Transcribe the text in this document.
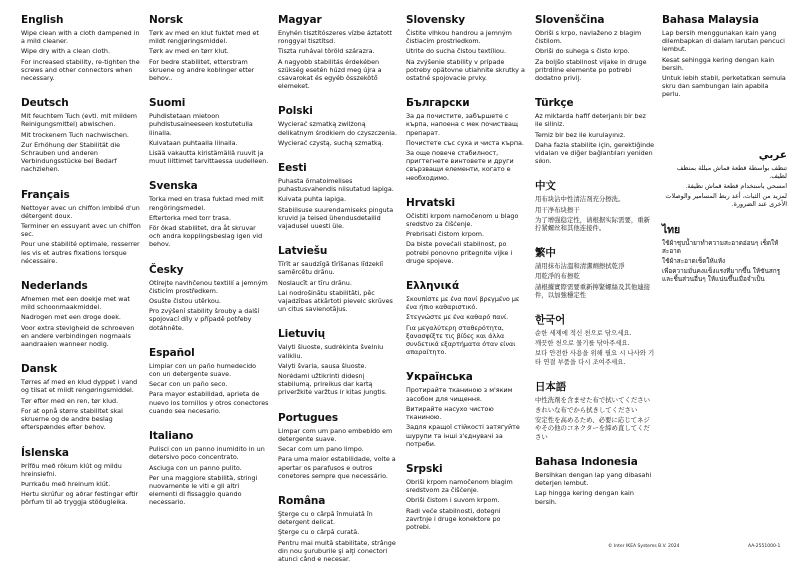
English

Wipe clean with a cloth dampened in a mild cleaner.

Wipe dry with a clean cloth.

For increased stability, re-tighten the screws and other connectors when necessary.

Deutsch

Mit feuchtem Tuch (evtl. mit mildem Reinigungsmittel) abwischen.

Mit trockenem Tuch nachwischen.

Zur Erhöhung der Stabilität die Schrauben und anderen Verbindungsstücke bei Bedarf nachziehen.

Français

Nettoyer avec un chiffon imbibé d'un détergent doux.

Terminer en essuyant avec un chiffon sec.

Pour une stabilité optimale, resserrer les vis et autres fixations lorsque nécessaire.

Nederlands

Afnemen met een doekje met wat mild schoonmaakmiddel.

Nadrogen met een droge doek.

Voor extra stevigheid de schroeven en andere verbindingen nogmaals aandraaien wanneer nodig.

Dansk

Tørres af med en klud dyppet i vand og tilsat et mildt rengøringsmiddel.

Tør efter med en ren, tør klud.

For at opnå større stabilitet skal skruerne og de andre beslag efterspændes efter behov.

Íslenska

Þrífðu með rökum klút og mildu hreinsiefni.

Þurrkaðu með hreinum klút.

Hertu skrúfur og aðrar festingar eftir þörfum til að tryggja stöðugleika.

Norsk

Tørk av med en klut fuktet med et mildt rengjøringsmiddel.

Tørk av med en tørr klut.

For bedre stabilitet, etterstram skruene og andre koblinger etter behov..

Suomi

Puhdistetaan mietoon puhdistusaineeseen kostutetulla liinalla.

Kuivataan puhtaalla liinalla.

Lisää vakautta kiristämällä ruuvit ja muut liittimet tarvittaessa uudelleen.

Svenska

Torka med en trasa fuktad med milt rengöringsmedel.

Eftertorka med torr trasa.

För ökad stabilitet, dra åt skruvar och andra kopplingsbeslag igen vid behov.

Česky

Otírejte navlhčenou textilií a jemným čisticím prostředkem.

Osušte čistou utěrkou.

Pro zvýšení stability šrouby a další spojovací díly v případě potřeby dotáhněte.

Español

Limpiar con un paño humedecido con un detergente suave.

Secar con un paño seco.

Para mayor estabilidad, aprieta de nuevo los tornillos y otros conectores cuando sea necesario.

Italiano

Pulisci con un panno inumidito in un detersivo poco concentrato.

Asciuga con un panno pulito.

Per una maggiore stabilità, stringi nuovamente le viti e gli altri elementi di fissaggio quando necessario.

Magyar

Enyhén tisztítószeres vízbe áztatott ronggyal tisztítsd.

Tiszta ruhával töröld szárazra.

A nagyobb stabilitás érdekében szükség esetén húzd meg újra a csavarokat és egyéb összekötő elemeket.

Polski

Wycierać szmatką zwilżoną delikatnym środkiem do czyszczenia.

Wycierać czystą, suchą szmatką.

Eesti

Puhasta õrnatoimelises puhastusvahendis niisutatud lapiga.

Kuivata puhta lapiga.

Stabiilsuse suurendamiseks pinguta kruvid ja teised ühendusdetailid vajadusel uuesti üle.

Latviešu

Tīrīt ar saudzīgā tīrīšanas līdzeklī samērcētu drānu.

Noslaucīt ar tīru drānu.

Lai nodrošinātu stabilitāti, pēc vajadzības atkārtoti pievelc skrūves un citus savienotājus.

Lietuvių

Valyti šluoste, sudrėkinta švelniu valikliu.

Valyti švaria, sausa šluoste.

Norėdami užtikrinti didesnį stabilumą, prireikus dar kartą priveržkite varžtus ir kitas jungtis.

Portugues

Limpar com um pano embebido em detergente suave.

Secar com um pano limpo.

Para uma maior estabilidade, volte a apertar os parafusos e outros conetores sempre que necessário.

Româna

Şterge cu o cârpă înmuiată în detergent delicat.

Şterge cu o cârpă curată.

Pentru mai multă stabilitate, strânge din nou şuruburile şi alţi conectori atunci când e necesar.

Slovensky

Čistite vlhkou handrou a jemným čistiacim prostriedkom.

Utrite do sucha čistou textíliou.

Na zvýšenie stability v prípade potreby opätovne utiahnite skrutky a ostatné spojovacie prvky.

Български

За да почистите, забършете с кърпа, напоена с мек почистващ препарат.

Почистете със суха и чиста кърпа.

За още повече стабилност, пригтегнете винтовете и други свързващи елементи, когато е необходимо.

Hrvatski

Očistiti krpom namočenom u blago sredstvo za čišćenje.

Prebrisati čistom krpom.

Da biste povećali stabilnost, po potrebi ponovno pritegnite vijke i druge spojeve.

Ελληνικά

Σκουπίστε με ένα πανί βρεγμένο με ένα ήπιο καθαριστικό.

Στεγνώστε με ένα καθαρό πανί.

Για μεγαλύτερη σταθερότητα, ξανασφίξτε τις βίδες και άλλα συνδετικά εξαρτήματα όταν είναι απαραίτητο.

Українська

Протирайте тканиною з м'яким засобом для чищення.

Витирайте насухо чистою тканиною.

Задля кращої стійкості затягуйте шурупи та інші з'єднувачі за потреби.

Srpski

Obriši krpom namočenom blagim sredstvom za čišćenje.

Obriši čistom i suvom krpom.

Radi veće stabilnosti, dotegni zavrtnje i druge konektore po potrebi.

Slovenščina

Obriši s krpo, navlaženo z blagim čistilom.

Obriši do suhega s čisto krpo.

Za boljšo stabilnost vijake in druge pritrdilne elemente po potrebi dodatno privij.

Türkçe

Az miktarda hafif deterjanlı bir bez ile siliniz.

Temiz bir bez ile kurulayınız.

Daha fazla stabilite için, gerektiğinde vidaları ve diğer bağlantıları yeniden sıkın.

中文

用布块沾中性清洁剂充分擦洗。

用干净布块擦干

为了增强稳定性，请根据实际需要，重新拧紧螺丝和其他连接件。

繁中

請用抹布沾溫和清潔劑擦拭乾淨

用乾淨的布擦乾

請根據實際需要重新擰緊螺絲及其他連接件，以加強穩定性

한국어

순한 세제에 적신 천으로 닦으세요.

깨끗한 천으로 물기를 닦아주세요.

보다 안전한 사용을 위해 필요 시 나사와 기타 연결 부품을 다시 조여주세요.

日本語

中性洗剤を含ませた布で拭いてください

きれいな布でから拭きしてください

安定性を高めるため、必要に応じてネジやその他のコネクターを締め直してください

Bahasa Indonesia

Bersihkan dengan lap yang dibasahi deterjen lembut.

Lap hingga kering dengan kain bersih.

Bahasa Malaysia

Lap bersih menggunakan kain yang dilembapkan di dalam larutan pencuci lembut.

Kesat sehingga kering dengan kain bersih.

Untuk lebih stabil, perketatkan semula skru dan sambungan lain apabila perlu.

عربي

تنظف بواسطة قطعة قماش مبللة بمنظف لطيف.

امسحي باستخدام قطعة قماش نظيفة.

لمزيد من الثبات، أعد ربط المسامير والوصلات الأخرى عند الضرورة.

ไทย

ใช้ผ้าชุบน้ำยาทำความสะอาดอ่อนๆ เช็ดให้สะอาด

ใช้ผ้าสะอาดเช็ดให้แห้ง

เพื่อความมั่นคงแข็งแรงที่มากขึ้น ให้ขันสกรูและชิ้นส่วนอื่นๆ ให้แน่นขึ้นเมื่อจำเป็น

© Inter IKEA Systems B.V. 2024	AA-2551000-1
